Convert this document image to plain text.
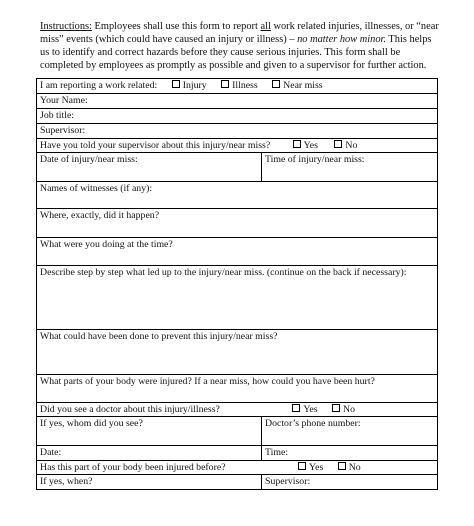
Instructions: Employees shall use this form to report all work related injuries, illnesses, or “near miss” events (which could have caused an injury or illness) – no matter how minor. This helps us to identify and correct hazards before they cause serious injuries. This form shall be completed by employees as promptly as possible and given to a supervisor for further action.
I am reporting a work related: Injury Illness Near miss	
Your Name:	
Job title:	
Supervisor:	
Have you told your supervisor about this injury/near miss? Yes No	
Date of injury/near miss:	Time of injury/near miss:
Names of witnesses (if any):	
Where, exactly, did it happen?	
What were you doing at the time?	
Describe step by step what led up to the injury/near miss. (continue on the back if necessary):	
What could have been done to prevent this injury/near miss?	
What parts of your body were injured? If a near miss, how could you have been hurt?	
Did you see a doctor about this injury/illness? Yes No	
If yes, whom did you see?	Doctor’s phone number:
Date:	Time:
Has this part of your body been injured before? Yes No	
If yes, when?	Supervisor:
